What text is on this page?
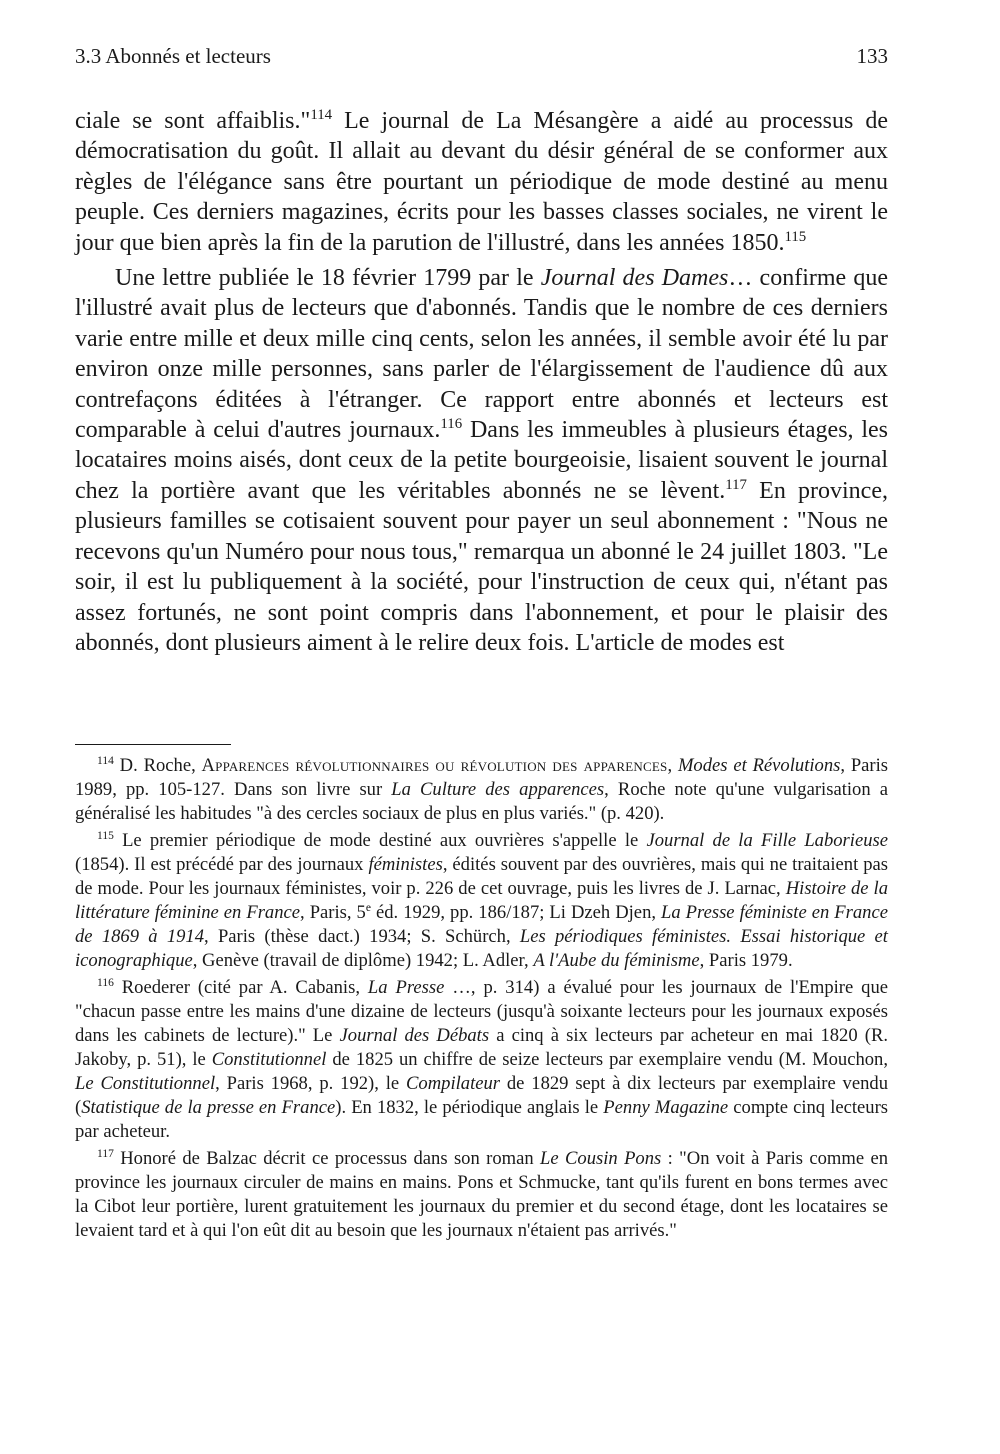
3.3 Abonnés et lecteurs	133

ciale se sont affaiblis."$^{114}$ Le journal de La Mésangère a aidé au processus de démocratisation du goût. Il allait au devant du désir général de se conformer aux règles de l'élégance sans être pourtant un périodique de mode destiné au menu peuple. Ces derniers magazines, écrits pour les basses classes sociales, ne virent le jour que bien après la fin de la parution de l'illustré, dans les années 1850.$^{115}$

Une lettre publiée le 18 février 1799 par le Journal des Dames… confirme que l'illustré avait plus de lecteurs que d'abonnés. Tandis que le nombre de ces derniers varie entre mille et deux mille cinq cents, selon les années, il semble avoir été lu par environ onze mille personnes, sans parler de l'élargissement de l'audience dû aux contrefaçons éditées à l'étranger. Ce rapport entre abonnés et lecteurs est comparable à celui d'autres journaux.$^{116}$ Dans les immeubles à plusieurs étages, les locataires moins aisés, dont ceux de la petite bourgeoisie, lisaient souvent le journal chez la portière avant que les véritables abonnés ne se lèvent.$^{117}$ En province, plusieurs familles se cotisaient souvent pour payer un seul abonnement : "Nous ne recevons qu'un Numéro pour nous tous," remarqua un abonné le 24 juillet 1803. "Le soir, il est lu publiquement à la société, pour l'instruction de ceux qui, n'étant pas assez fortunés, ne sont point compris dans l'abonnement, et pour le plaisir des abonnés, dont plusieurs aiment à le relire deux fois. L'article de modes est

$^{114}$ D. Roche, Apparences révolutionnaires ou révolution des apparences, Modes et Révolutions, Paris 1989, pp. 105-127. Dans son livre sur La Culture des apparences, Roche note qu'une vulgarisation a généralisé les habitudes "à des cercles sociaux de plus en plus variés." (p. 420).

$^{115}$ Le premier périodique de mode destiné aux ouvrières s'appelle le Journal de la Fille Laborieuse (1854). Il est précédé par des journaux féministes, édités souvent par des ouvrières, mais qui ne traitaient pas de mode. Pour les journaux féministes, voir p. 226 de cet ouvrage, puis les livres de J. Larnac, Histoire de la littérature féminine en France, Paris, 5e éd. 1929, pp. 186/187; Li Dzeh Djen, La Presse féministe en France de 1869 à 1914, Paris (thèse dact.) 1934; S. Schürch, Les périodiques féministes. Essai historique et iconographique, Genève (travail de diplôme) 1942; L. Adler, A l'Aube du féminisme, Paris 1979.

$^{116}$ Roederer (cité par A. Cabanis, La Presse …, p. 314) a évalué pour les journaux de l'Empire que "chacun passe entre les mains d'une dizaine de lecteurs (jusqu'à soixante lecteurs pour les journaux exposés dans les cabinets de lecture)." Le Journal des Débats a cinq à six lecteurs par acheteur en mai 1820 (R. Jakoby, p. 51), le Constitutionnel de 1825 un chiffre de seize lecteurs par exemplaire vendu (M. Mouchon, Le Constitutionnel, Paris 1968, p. 192), le Compilateur de 1829 sept à dix lecteurs par exemplaire vendu (Statistique de la presse en France). En 1832, le périodique anglais le Penny Magazine compte cinq lecteurs par acheteur.

$^{117}$ Honoré de Balzac décrit ce processus dans son roman Le Cousin Pons : "On voit à Paris comme en province les journaux circuler de mains en mains. Pons et Schmucke, tant qu'ils furent en bons termes avec la Cibot leur portière, lurent gratuitement les journaux du premier et du second étage, dont les locataires se levaient tard et à qui l'on eût dit au besoin que les journaux n'étaient pas arrivés."
